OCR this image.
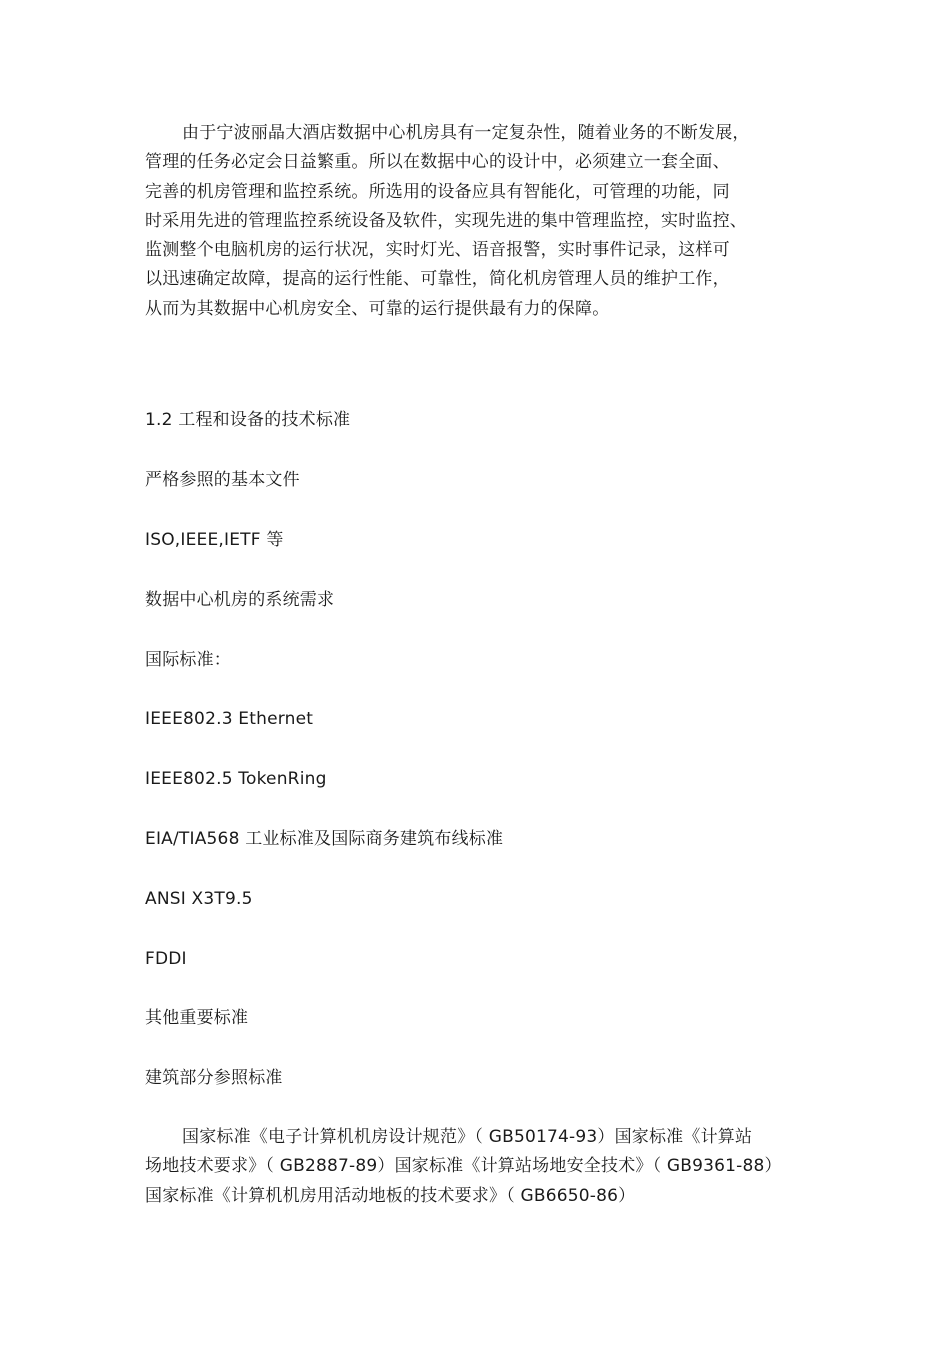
由于宁波丽晶大酒店数据中心机房具有一定复杂性，随着业务的不断发展，
管理的任务必定会日益繁重。所以在数据中心的设计中，必须建立一套全面、
完善的机房管理和监控系统。所选用的设备应具有智能化，可管理的功能，同
时采用先进的管理监控系统设备及软件，实现先进的集中管理监控，实时监控、
监测整个电脑机房的运行状况，实时灯光、语音报警，实时事件记录，这样可
以迅速确定故障，提高的运行性能、可靠性，简化机房管理人员的维护工作，
从而为其数据中心机房安全、可靠的运行提供最有力的保障。
1.2 工程和设备的技术标准
严格参照的基本文件
ISO,IEEE,IETF 等
数据中心机房的系统需求
国际标准：
IEEE802.3 Ethernet
IEEE802.5 TokenRing
EIA/TIA568 工业标准及国际商务建筑布线标准
ANSI X3T9.5
FDDI
其他重要标准
建筑部分参照标准
国家标准《电子计算机机房设计规范》（ GB50174-93）国家标准《计算站
场地技术要求》（ GB2887-89）国家标准《计算站场地安全技术》（ GB9361-88）
国家标准《计算机机房用活动地板的技术要求》（ GB6650-86）
